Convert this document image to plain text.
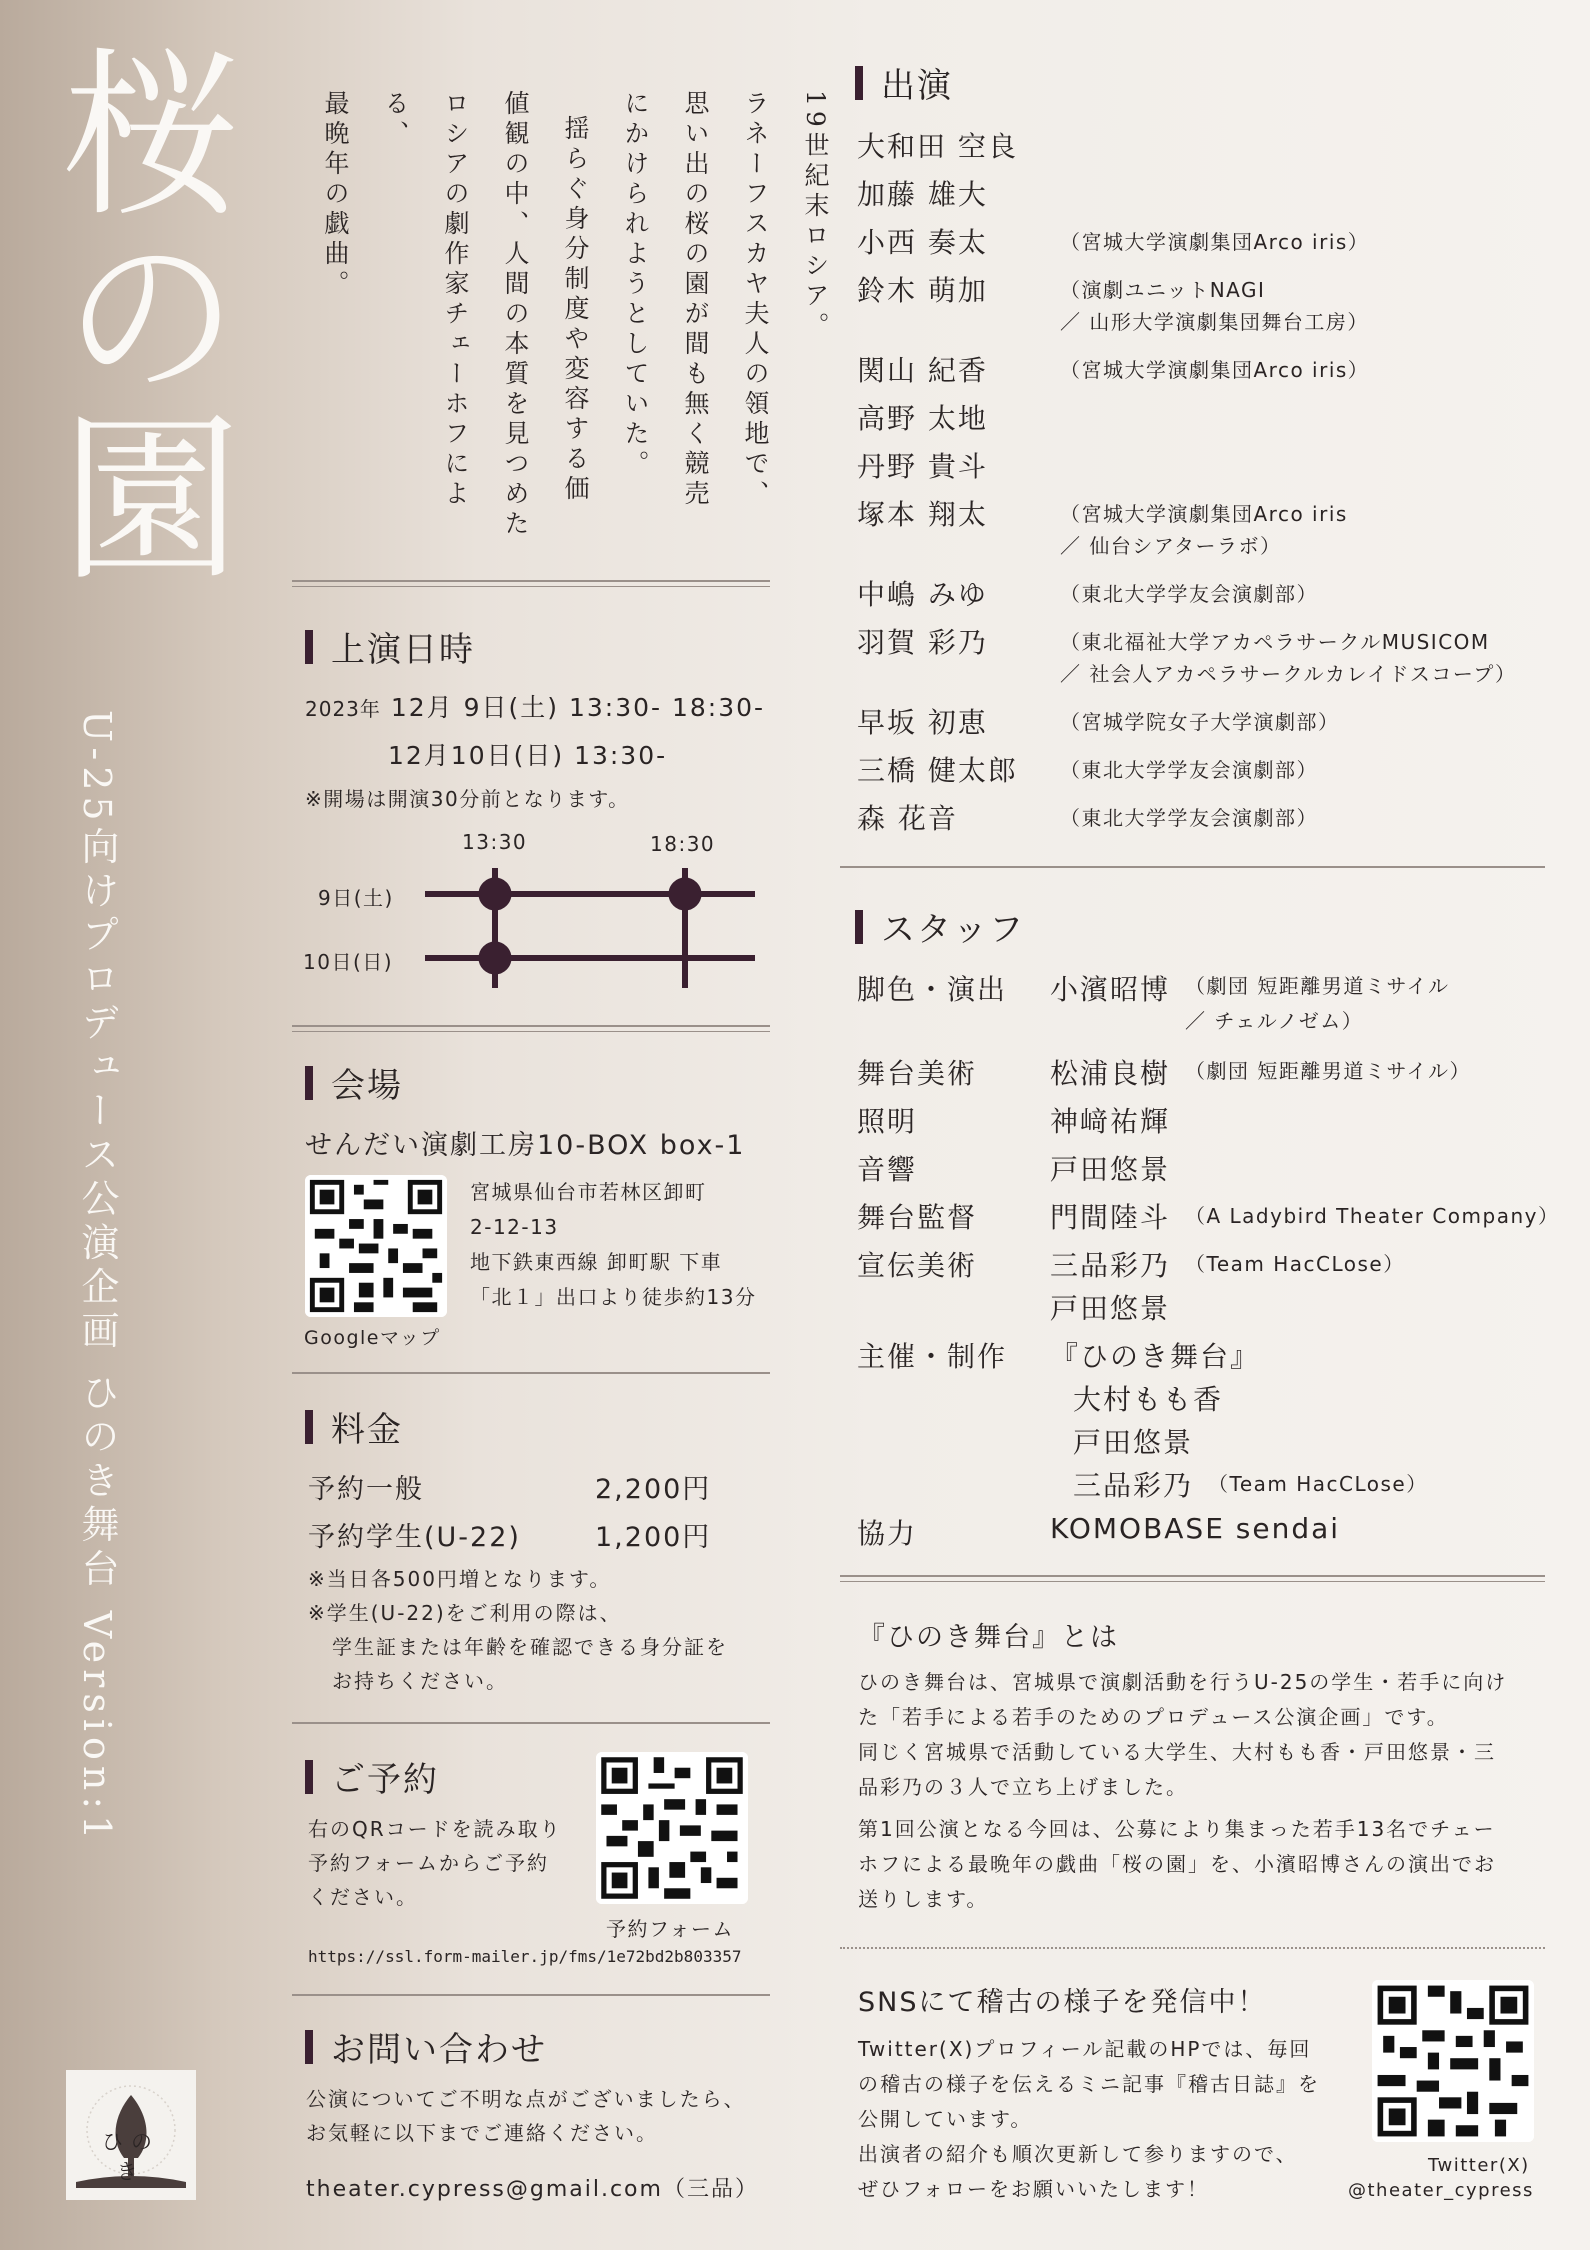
桜の園
U-25向けプロデュース公演企画 ひのき舞台 Version:1
19世紀末ロシア。
ラネーフスカヤ夫人の領地で、
思い出の桜の園が間も無く競売
にかけられようとしていた。
揺らぐ身分制度や変容する価
値観の中、人間の本質を見つめた
ロシアの劇作家チェーホフによる、
最晩年の戯曲。
上演日時
2023年 12月 9日(土) 13:30- 18:30-
12月10日(日) 13:30-
※開場は開演30分前となります。
13:30	18:30
9日(土)
10日(日)
会場
せんだい演劇工房10-BOX box-1
Googleマップ
宮城県仙台市若林区卸町
2-12-13
地下鉄東西線 卸町駅 下車
「北１」出口より徒歩約13分
料金
予約一般	2,200円
予約学生(U-22)	1,200円
※当日各500円増となります。
※学生(U-22)をご利用の際は、
学生証または年齢を確認できる身分証を
お持ちください。
ご予約
右のQRコードを読み取り
予約フォームからご予約
ください。
予約フォーム
https://ssl.form-mailer.jp/fms/1e72bd2b803357
お問い合わせ
公演についてご不明な点がございましたら、
お気軽に以下までご連絡ください。
theater.cypress@gmail.com（三品）
ひのき
出演
大和田 空良
加藤 雄大
小西 奏太	（宮城大学演劇集団Arco iris）
鈴木 萌加	（演劇ユニットNAGI
／ 山形大学演劇集団舞台工房）
関山 紀香	（宮城大学演劇集団Arco iris）
高野 太地
丹野 貴斗
塚本 翔太	（宮城大学演劇集団Arco iris
／ 仙台シアターラボ）
中嶋 みゆ	（東北大学学友会演劇部）
羽賀 彩乃	（東北福祉大学アカペラサークルMUSICOM
／ 社会人アカペラサークルカレイドスコープ）
早坂 初恵	（宮城学院女子大学演劇部）
三橋 健太郎 （東北大学学友会演劇部）
森 花音	（東北大学学友会演劇部）
スタッフ
脚色・演出 小濱昭博 （劇団 短距離男道ミサイル
／ チェルノゼム）
舞台美術	松浦良樹 （劇団 短距離男道ミサイル）
照明	神﨑祐輝
音響	戸田悠景
舞台監督	門間陸斗 （A Ladybird Theater Company）
宣伝美術	三品彩乃 （Team HacCLose）
戸田悠景
主催・制作 『ひのき舞台』
大村もも香
戸田悠景
三品彩乃 （Team HacCLose）
協力	KOMOBASE sendai
『ひのき舞台』とは
ひのき舞台は、宮城県で演劇活動を行うU-25の学生・若手に向け
た「若手による若手のためのプロデュース公演企画」です。
同じく宮城県で活動している大学生、大村もも香・戸田悠景・三
品彩乃の３人で立ち上げました。
第1回公演となる今回は、公募により集まった若手13名でチェー
ホフによる最晩年の戯曲「桜の園」を、小濱昭博さんの演出でお
送りします。
SNSにて稽古の様子を発信中！
Twitter(X)プロフィール記載のHPでは、毎回
の稽古の様子を伝えるミニ記事『稽古日誌』を
公開しています。
出演者の紹介も順次更新して参りますので、
ぜひフォローをお願いいたします！
Twitter(X)
@theater_cypress
